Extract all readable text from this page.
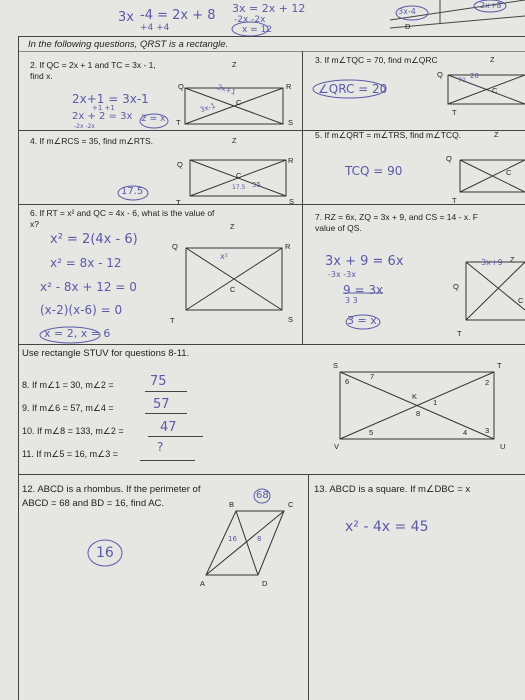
3x -4 = 2x + 8
+4 +4
3x = 2x + 12
-2x -2x
x = 12	D
3x-4
2x+8
In the following questions, QRST is a rectangle.
2. If QC = 2x + 1 and TC = 3x - 1,
find x.
2x+1 = 3x-1
+1 +1
2x + 2 = 3x
-2x -2x
2 = x
Q	R
Z
T	S
C
2x+1
3x-1
3. If m∠TQC = 70, find m∠QRC
∠QRC = 20
Q
Z
C
T
70
20
4. If m∠RCS = 35, find m∠RTS.
17.5
Q	R
Z
T	S
C
35
17.5
5. If m∠QRT = m∠TRS, find m∠TCQ.
TCQ = 90
Q
Z
C
T
6. If RT = x² and QC = 4x - 6, what is the value of
x?
x² = 2(4x - 6)
x² = 8x - 12
x² - 8x + 12 = 0
(x-2)(x-6) = 0
x = 2, x = 6
Q	R
Z
T	S
C
x²
7. RZ = 6x, ZQ = 3x + 9, and CS = 14 - x. F
value of QS.
3x + 9 = 6x
-3x -3x
9 = 3x
3 3
3 = x
Q
Z
C
T
3x+9
Use rectangle STUV for questions 8-11.
8. If m∠1 = 30, m∠2 =	75
9. If m∠6 = 57, m∠4 =	57
10. If m∠8 = 133, m∠2 =	47
11. If m∠5 = 16, m∠3 =	?
S	T
V	U
K
6
7
2
1
8
5	4 3
12. ABCD is a rhombus. If the perimeter of
ABCD = 68 and BD = 16, find AC.
68
16
B	C
A	D
16	8
13. ABCD is a square. If m∠DBC = x
x² - 4x = 45
